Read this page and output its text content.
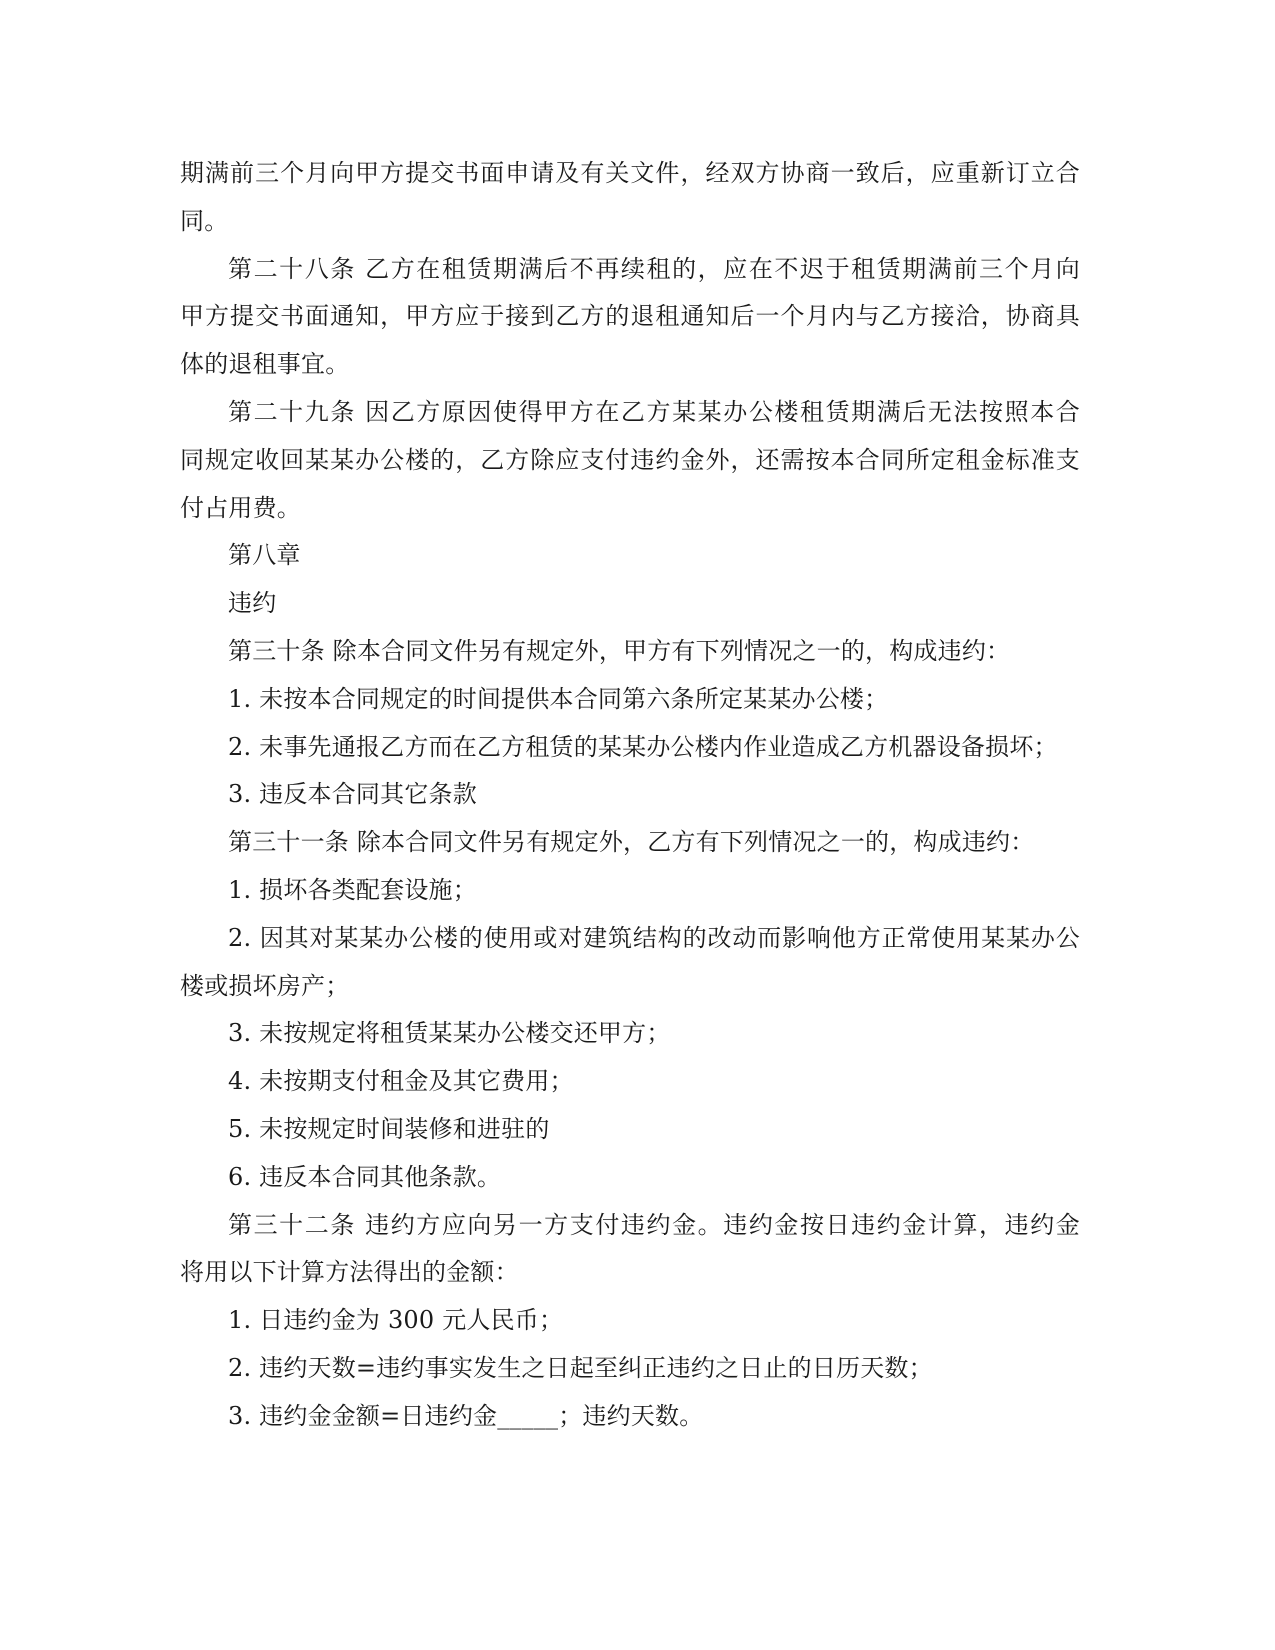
期满前三个月向甲方提交书面申请及有关文件，经双方协商一致后，应重新订立合

同。

第二十八条 乙方在租赁期满后不再续租的，应在不迟于租赁期满前三个月向

甲方提交书面通知，甲方应于接到乙方的退租通知后一个月内与乙方接洽，协商具

体的退租事宜。

第二十九条 因乙方原因使得甲方在乙方某某办公楼租赁期满后无法按照本合

同规定收回某某办公楼的，乙方除应支付违约金外，还需按本合同所定租金标准支

付占用费。

第八章

违约

第三十条 除本合同文件另有规定外，甲方有下列情况之一的，构成违约：

1. 未按本合同规定的时间提供本合同第六条所定某某办公楼；

2. 未事先通报乙方而在乙方租赁的某某办公楼内作业造成乙方机器设备损坏；

3. 违反本合同其它条款

第三十一条 除本合同文件另有规定外，乙方有下列情况之一的，构成违约：

1. 损坏各类配套设施；

2. 因其对某某办公楼的使用或对建筑结构的改动而影响他方正常使用某某办公

楼或损坏房产；

3. 未按规定将租赁某某办公楼交还甲方；

4. 未按期支付租金及其它费用；

5. 未按规定时间装修和进驻的

6. 违反本合同其他条款。

第三十二条 违约方应向另一方支付违约金。违约金按日违约金计算，违约金

将用以下计算方法得出的金额：

1. 日违约金为 300 元人民币；

2. 违约天数=违约事实发生之日起至纠正违约之日止的日历天数；

3. 违约金金额=日违约金_____；违约天数。
